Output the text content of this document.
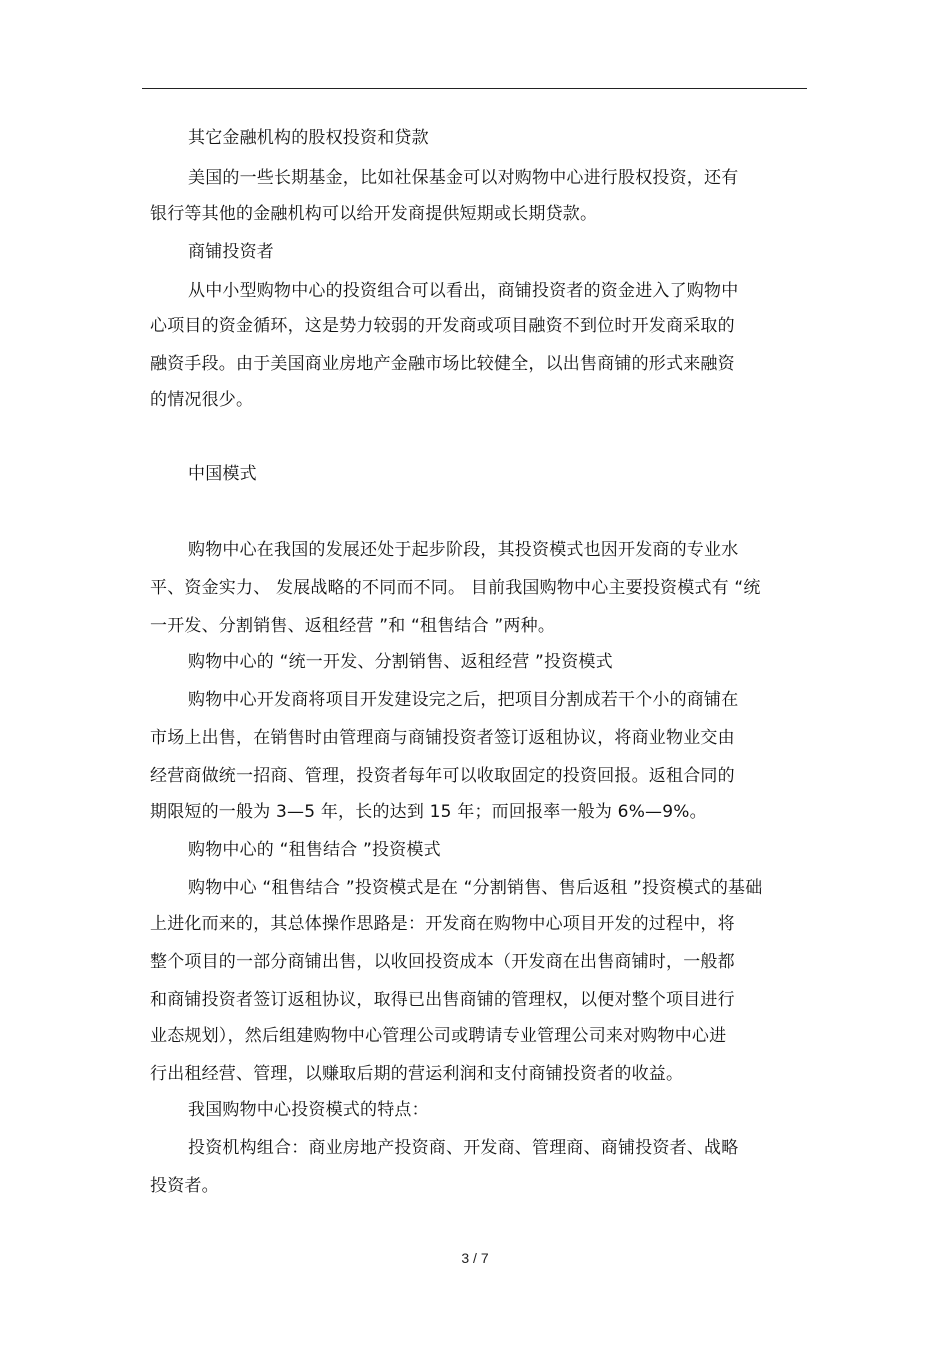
其它金融机构的股权投资和贷款
美国的一些长期基金，比如社保基金可以对购物中心进行股权投资，还有
银行等其他的金融机构可以给开发商提供短期或长期贷款。
商铺投资者
从中小型购物中心的投资组合可以看出，商铺投资者的资金进入了购物中
心项目的资金循环，这是势力较弱的开发商或项目融资不到位时开发商采取的
融资手段。由于美国商业房地产金融市场比较健全，以出售商铺的形式来融资
的情况很少。
中国模式
购物中心在我国的发展还处于起步阶段，其投资模式也因开发商的专业水
平、资金实力、 发展战略的不同而不同。 目前我国购物中心主要投资模式有 “统
一开发、分割销售、返租经营 ”和 “租售结合 ”两种。
购物中心的 “统一开发、分割销售、返租经营 ”投资模式
购物中心开发商将项目开发建设完之后，把项目分割成若干个小的商铺在
市场上出售，在销售时由管理商与商铺投资者签订返租协议，将商业物业交由
经营商做统一招商、管理，投资者每年可以收取固定的投资回报。返租合同的
期限短的一般为 3—5 年，长的达到 15 年；而回报率一般为 6%—9%。
购物中心的 “租售结合 ”投资模式
购物中心 “租售结合 ”投资模式是在 “分割销售、售后返租 ”投资模式的基础
上进化而来的，其总体操作思路是：开发商在购物中心项目开发的过程中，将
整个项目的一部分商铺出售，以收回投资成本（开发商在出售商铺时，一般都
和商铺投资者签订返租协议，取得已出售商铺的管理权，以便对整个项目进行
业态规划），然后组建购物中心管理公司或聘请专业管理公司来对购物中心进
行出租经营、管理，以赚取后期的营运利润和支付商铺投资者的收益。
我国购物中心投资模式的特点：
投资机构组合：商业房地产投资商、开发商、管理商、商铺投资者、战略
投资者。
3 / 7
